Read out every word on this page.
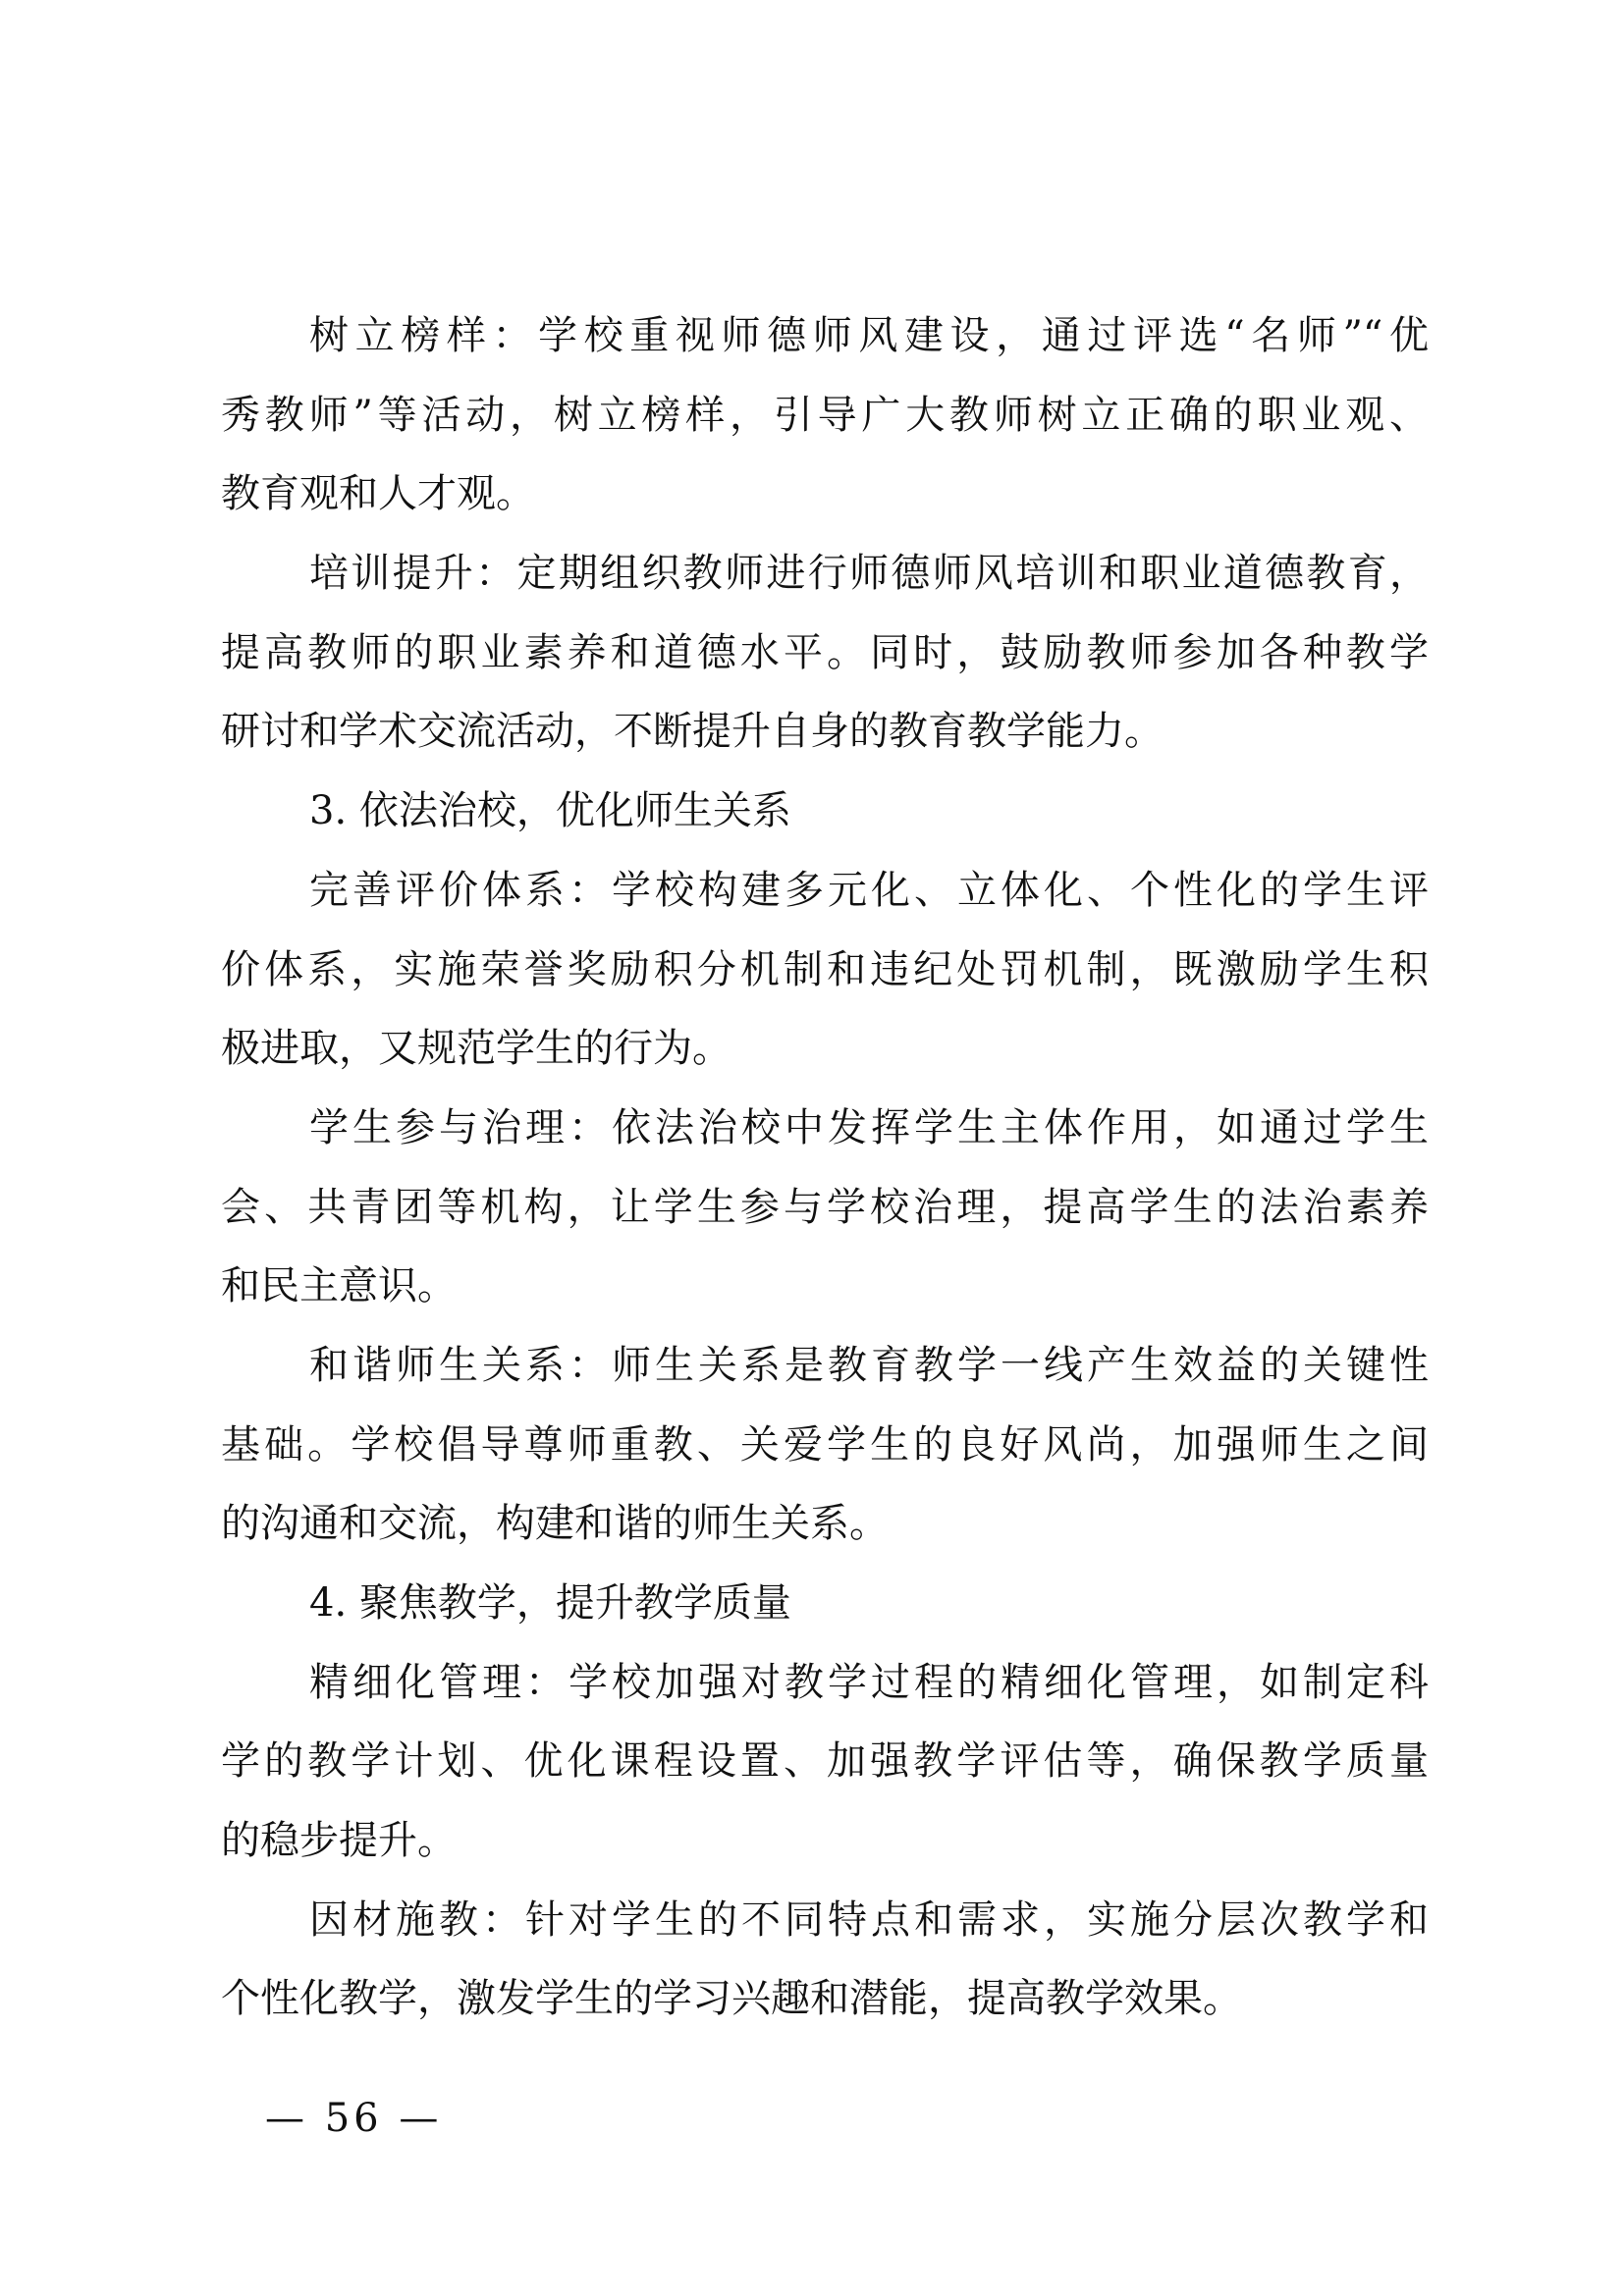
树立榜样：学校重视师德师风建设，通过评选“名师”“优
秀教师”等活动，树立榜样，引导广大教师树立正确的职业观、
教育观和人才观。
培训提升：定期组织教师进行师德师风培训和职业道德教育，
提高教师的职业素养和道德水平。同时，鼓励教师参加各种教学
研讨和学术交流活动，不断提升自身的教育教学能力。
3. 依法治校，优化师生关系
完善评价体系：学校构建多元化、立体化、个性化的学生评
价体系，实施荣誉奖励积分机制和违纪处罚机制，既激励学生积
极进取，又规范学生的行为。
学生参与治理：依法治校中发挥学生主体作用，如通过学生
会、共青团等机构，让学生参与学校治理，提高学生的法治素养
和民主意识。
和谐师生关系：师生关系是教育教学一线产生效益的关键性
基础。学校倡导尊师重教、关爱学生的良好风尚，加强师生之间
的沟通和交流，构建和谐的师生关系。
4. 聚焦教学，提升教学质量
精细化管理：学校加强对教学过程的精细化管理，如制定科
学的教学计划、优化课程设置、加强教学评估等，确保教学质量
的稳步提升。
因材施教：针对学生的不同特点和需求，实施分层次教学和
个性化教学，激发学生的学习兴趣和潜能，提高教学效果。
— 56 —
